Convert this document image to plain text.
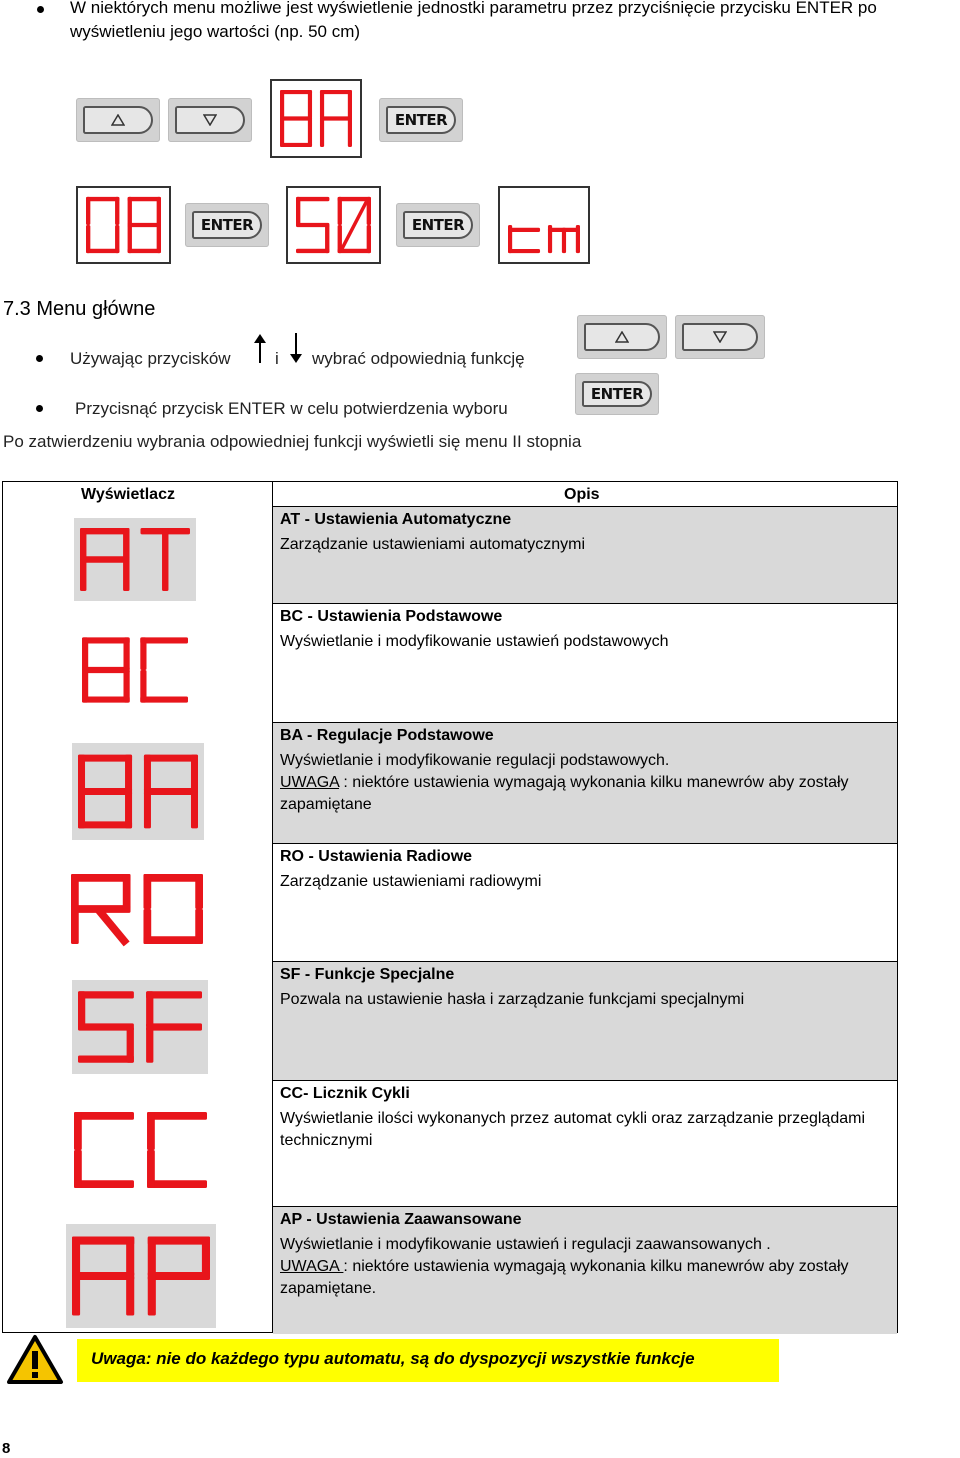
W niektórych menu możliwe jest wyświetlenie jednostki parametru przez przyciśnięcie przycisku ENTER po
wyświetleniu jego wartości (np. 50 cm)
ENTER
ENTER	ENTER
7.3 Menu główne
Używając przycisków	i wybrać odpowiednią funkcję
Przycisnąć przycisk ENTER w celu potwierdzenia wyboru
ENTER
Po zatwierdzeniu wybrania odpowiedniej funkcji wyświetli się menu II stopnia
Wyświetlacz	Opis
AT - Ustawienia Automatyczne
Zarządzanie ustawieniami automatycznymi
BC - Ustawienia Podstawowe
Wyświetlanie i modyfikowanie ustawień podstawowych
BA - Regulacje Podstawowe
Wyświetlanie i modyfikowanie regulacji podstawowych.
UWAGA : niektóre ustawienia wymagają wykonania kilku manewrów aby zostały zapamiętane
RO - Ustawienia Radiowe
Zarządzanie ustawieniami radiowymi
SF - Funkcje Specjalne
Pozwala na ustawienie hasła i zarządzanie funkcjami specjalnymi
CC- Licznik Cykli
Wyświetlanie ilości wykonanych przez automat cykli oraz zarządzanie przeglądami technicznymi
AP - Ustawienia Zaawansowane
Wyświetlanie i modyfikowanie ustawień i regulacji zaawansowanych .
UWAGA : niektóre ustawienia wymagają wykonania kilku manewrów aby zostały zapamiętane.
Uwaga: nie do każdego typu automatu, są do dyspozycji wszystkie funkcje
8
